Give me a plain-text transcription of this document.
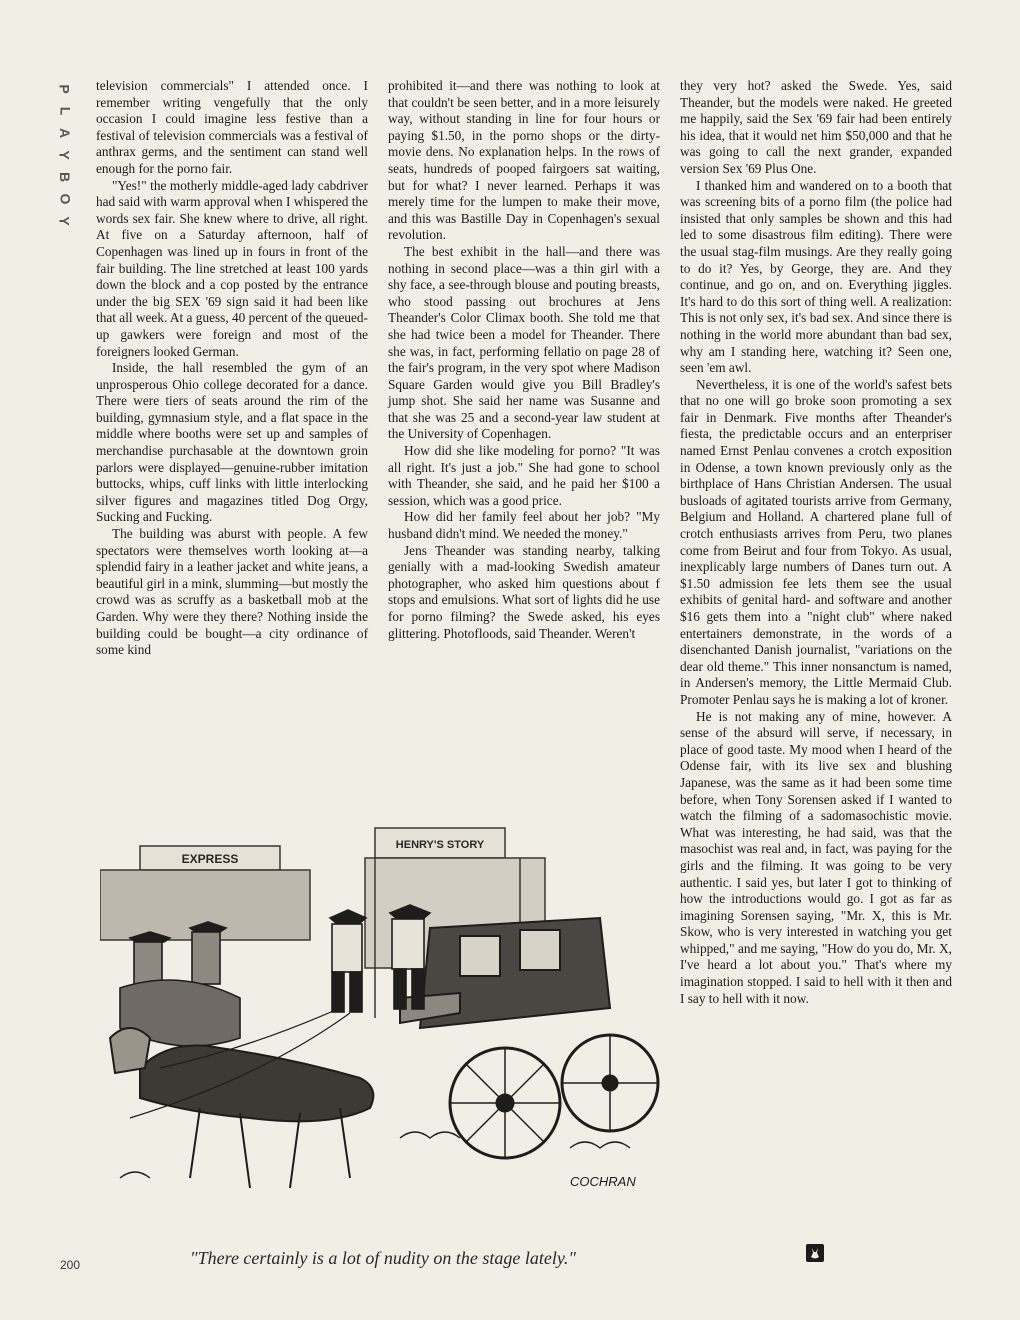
P
L
A
Y
B
O
Y

television commercials" I attended once. I remember writing vengefully that the only occasion I could imagine less festive than a festival of television commercials was a festival of anthrax germs, and the sentiment can stand well enough for the porno fair.

"Yes!" the motherly middle-aged lady cabdriver had said with warm approval when I whispered the words sex fair. She knew where to drive, all right. At five on a Saturday afternoon, half of Copenhagen was lined up in fours in front of the fair building. The line stretched at least 100 yards down the block and a cop posted by the entrance under the big SEX '69 sign said it had been like that all week. At a guess, 40 percent of the queued-up gawkers were foreign and most of the foreigners looked German.

Inside, the hall resembled the gym of an unprosperous Ohio college decorated for a dance. There were tiers of seats around the rim of the building, gymnasium style, and a flat space in the middle where booths were set up and samples of merchandise purchasable at the downtown groin parlors were displayed—genuine-rubber imitation buttocks, whips, cuff links with little interlocking silver figures and magazines titled Dog Orgy, Sucking and Fucking.

The building was aburst with people. A few spectators were themselves worth looking at—a splendid fairy in a leather jacket and white jeans, a beautiful girl in a mink, slumming—but mostly the crowd was as scruffy as a basketball mob at the Garden. Why were they there? Nothing inside the building could be bought—a city ordinance of some kind

prohibited it—and there was nothing to look at that couldn't be seen better, and in a more leisurely way, without standing in line for four hours or paying $1.50, in the porno shops or the dirty-movie dens. No explanation helps. In the rows of seats, hundreds of pooped fairgoers sat waiting, but for what? I never learned. Perhaps it was merely time for the lumpen to make their move, and this was Bastille Day in Copenhagen's sexual revolution.

The best exhibit in the hall—and there was nothing in second place—was a thin girl with a shy face, a see-through blouse and pouting breasts, who stood passing out brochures at Jens Theander's Color Climax booth. She told me that she had twice been a model for Theander. There she was, in fact, performing fellatio on page 28 of the fair's program, in the very spot where Madison Square Garden would give you Bill Bradley's jump shot. She said her name was Susanne and that she was 25 and a second-year law student at the University of Copenhagen.

How did she like modeling for porno? "It was all right. It's just a job." She had gone to school with Theander, she said, and he paid her $100 a session, which was a good price.

How did her family feel about her job? "My husband didn't mind. We needed the money."

Jens Theander was standing nearby, talking genially with a mad-looking Swedish amateur photographer, who asked him questions about f stops and emulsions. What sort of lights did he use for porno filming? the Swede asked, his eyes glittering. Photofloods, said Theander. Weren't

they very hot? asked the Swede. Yes, said Theander, but the models were naked. He greeted me happily, said the Sex '69 fair had been entirely his idea, that it would net him $50,000 and that he was going to call the next grander, expanded version Sex '69 Plus One.

I thanked him and wandered on to a booth that was screening bits of a porno film (the police had insisted that only samples be shown and this had led to some disastrous film editing). There were the usual stag-film musings. Are they really going to do it? Yes, by George, they are. And they continue, and go on, and on. Everything jiggles. It's hard to do this sort of thing well. A realization: This is not only sex, it's bad sex. And since there is nothing in the world more abundant than bad sex, why am I standing here, watching it? Seen one, seen 'em awl.

Nevertheless, it is one of the world's safest bets that no one will go broke soon promoting a sex fair in Denmark. Five months after Theander's fiesta, the predictable occurs and an enterpriser named Ernst Penlau convenes a crotch exposition in Odense, a town known previously only as the birthplace of Hans Christian Andersen. The usual busloads of agitated tourists arrive from Germany, Belgium and Holland. A chartered plane full of crotch enthusiasts arrives from Peru, two planes come from Beirut and four from Tokyo. As usual, inexplicably large numbers of Danes turn out. A $1.50 admission fee lets them see the usual exhibits of genital hard- and software and another $16 gets them into a "night club" where naked entertainers demonstrate, in the words of a disenchanted Danish journalist, "variations on the dear old theme." This inner nonsanctum is named, in Andersen's memory, the Little Mermaid Club. Promoter Penlau says he is making a lot of kroner.

He is not making any of mine, however. A sense of the absurd will serve, if necessary, in place of good taste. My mood when I heard of the Odense fair, with its live sex and blushing Japanese, was the same as it had been some time before, when Tony Sorensen asked if I wanted to watch the filming of a sadomasochistic movie. What was interesting, he had said, was that the masochist was real and, in fact, was paying for the girls and the filming. It was going to be very authentic. I said yes, but later I got to thinking of how the introductions would go. I got as far as imagining Sorensen saying, "Mr. X, this is Mr. Skow, who is very interested in watching you get whipped," and me saying, "How do you do, Mr. X, I've heard a lot about you." That's where my imagination stopped. I said to hell with it then and I say to hell with it now.

EXPRESS
HENRY'S STORY
COCHRAN
200	"There certainly is a lot of nudity on the stage lately."
